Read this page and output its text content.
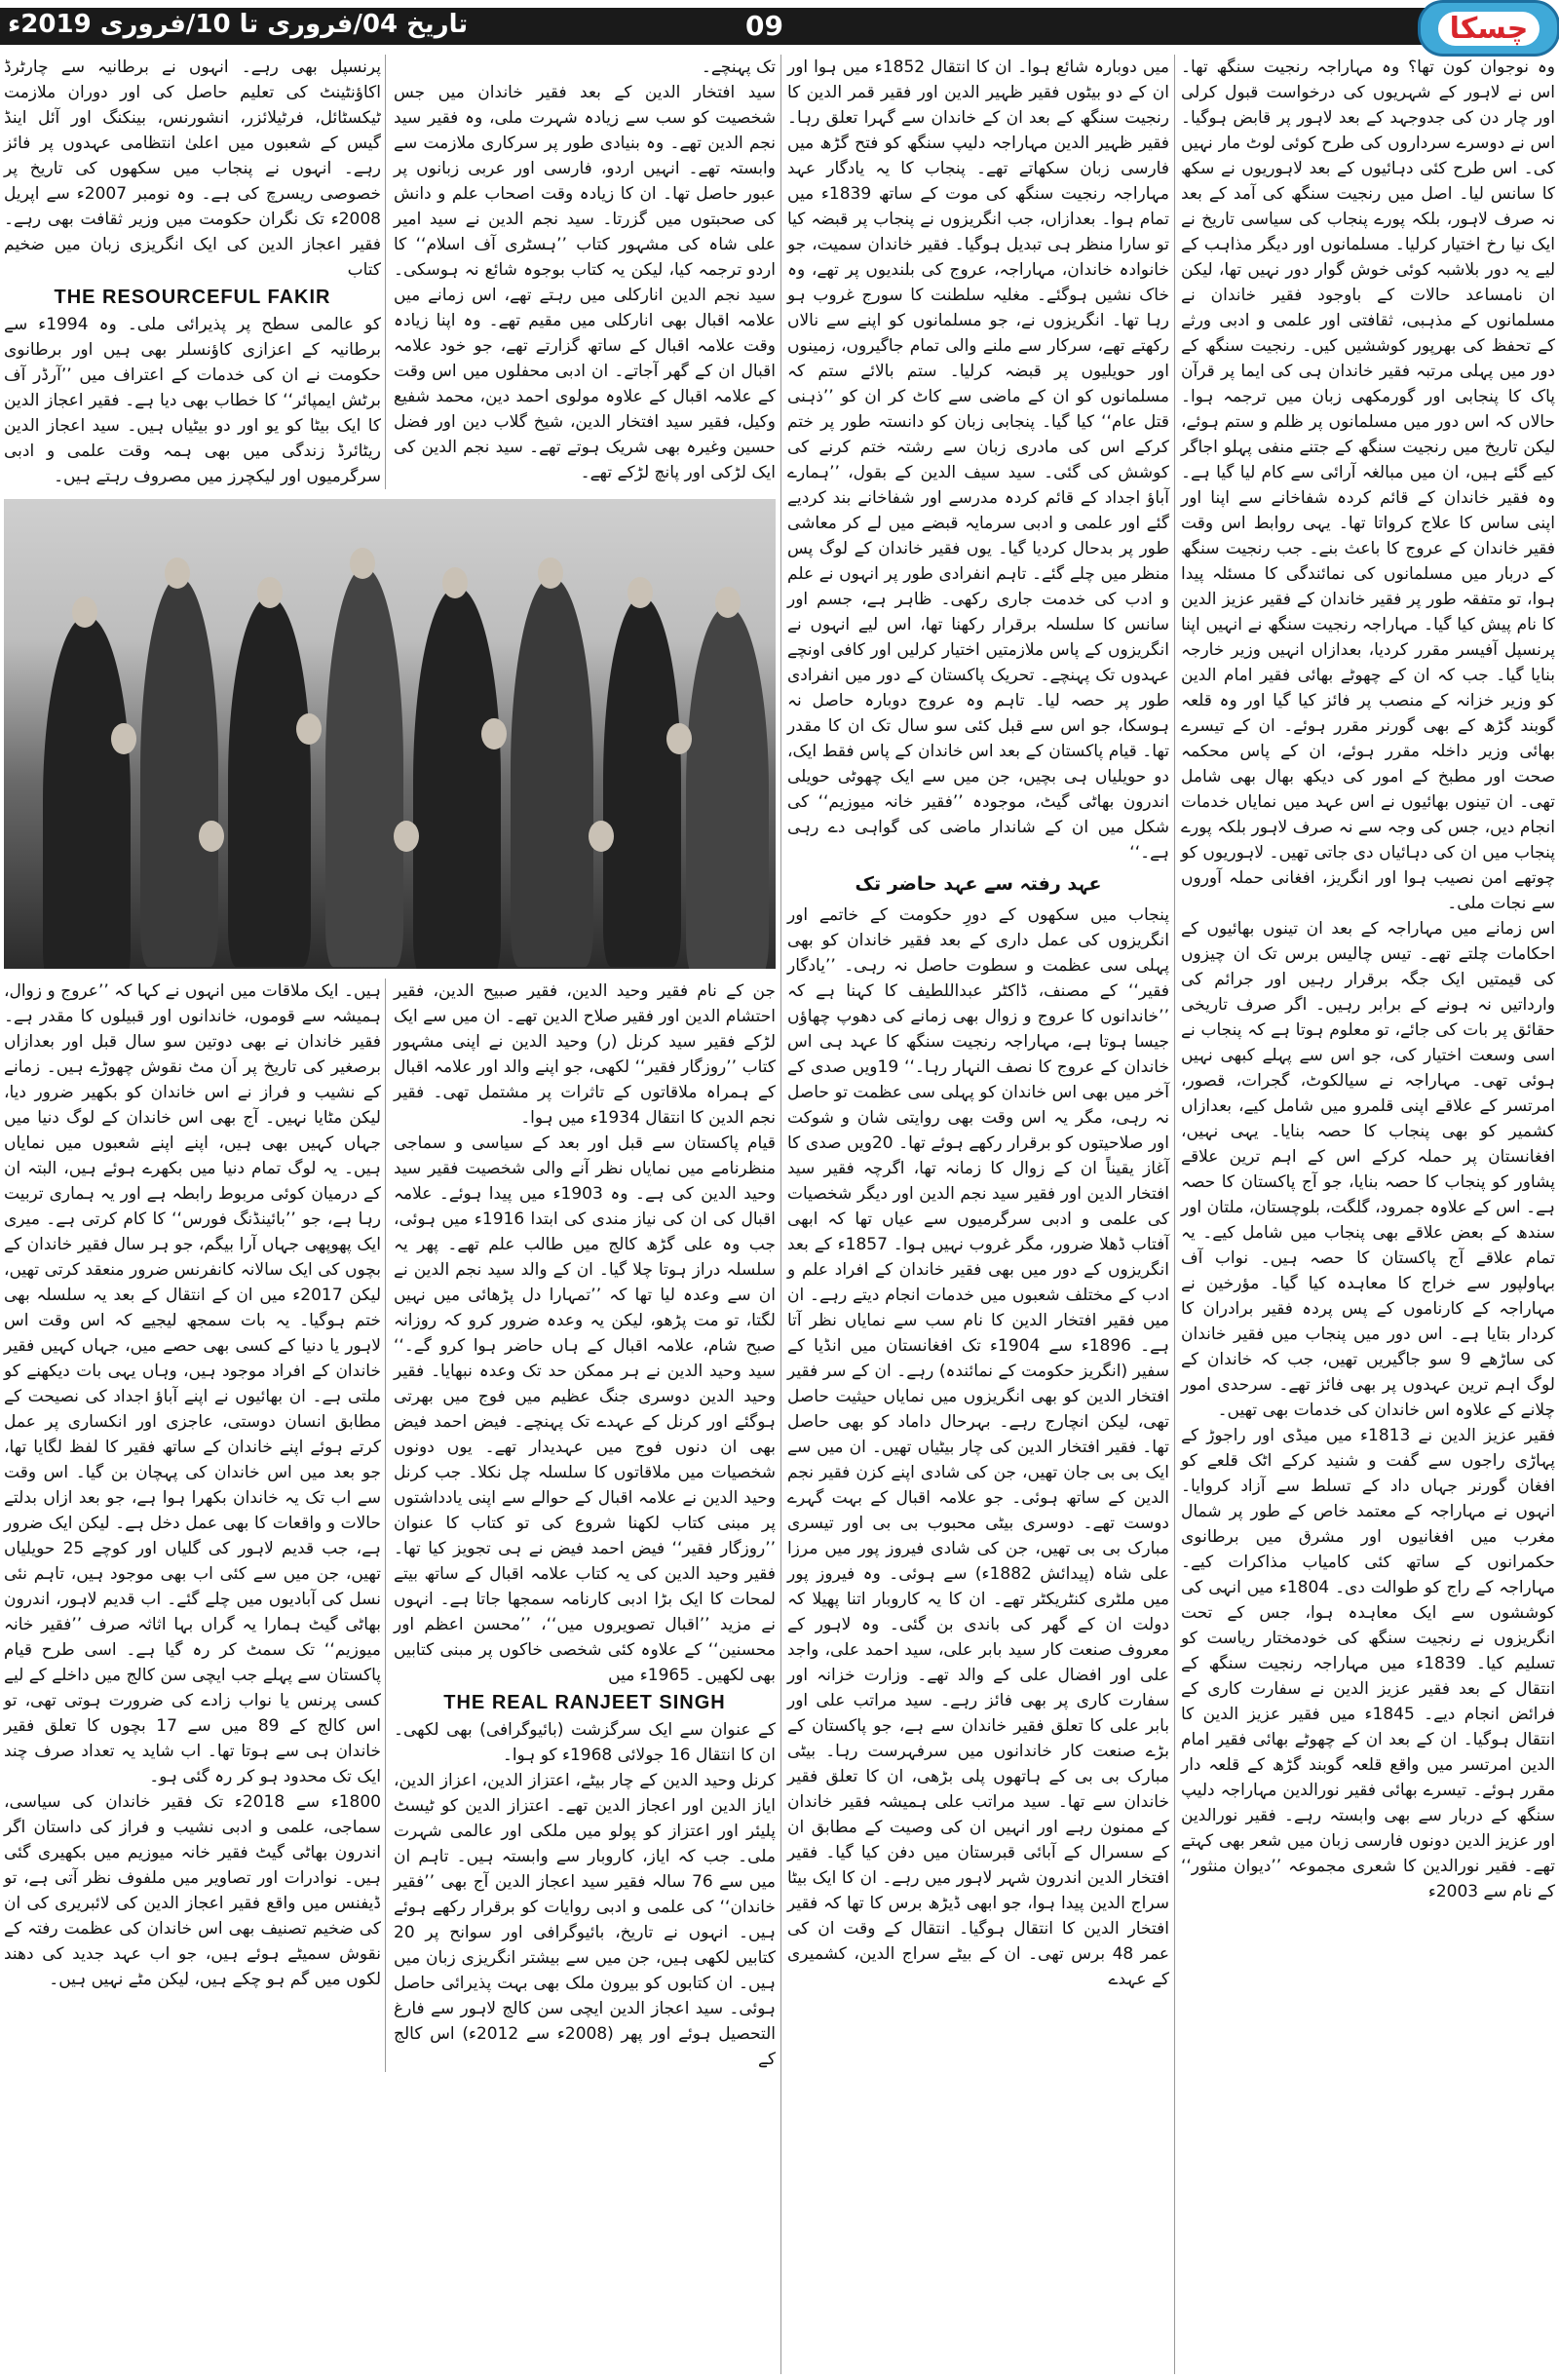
تاریخ 04/فروری تا 10/فروری 2019ء	09	چسکا

وہ نوجوان کون تھا؟ وہ مہاراجہ رنجیت سنگھ تھا۔ اس نے لاہور کے شہریوں کی درخواست قبول کرلی اور چار دن کی جدوجہد کے بعد لاہور پر قابض ہوگیا۔ اس نے دوسرے سرداروں کی طرح کوئی لوٹ مار نہیں کی۔ اس طرح کئی دہائیوں کے بعد لاہوریوں نے سکھ کا سانس لیا۔ اصل میں رنجیت سنگھ کی آمد کے بعد نہ صرف لاہور، بلکہ پورے پنجاب کی سیاسی تاریخ نے ایک نیا رخ اختیار کرلیا۔ مسلمانوں اور دیگر مذاہب کے لیے یہ دور بلاشبہ کوئی خوش گوار دور نہیں تھا، لیکن ان نامساعد حالات کے باوجود فقیر خاندان نے مسلمانوں کے مذہبی، ثقافتی اور علمی و ادبی ورثے کے تحفظ کی بھرپور کوششیں کیں۔ رنجیت سنگھ کے دور میں پہلی مرتبہ فقیر خاندان ہی کی ایما پر قرآن پاک کا پنجابی اور گورمکھی زبان میں ترجمہ ہوا۔ حالاں کہ اس دور میں مسلمانوں پر ظلم و ستم ہوئے، لیکن تاریخ میں رنجیت سنگھ کے جتنے منفی پہلو اجاگر کیے گئے ہیں، ان میں مبالغہ آرائی سے کام لیا گیا ہے۔ وہ فقیر خاندان کے قائم کردہ شفاخانے سے اپنا اور اپنی ساس کا علاج کرواتا تھا۔ یہی روابط اس وقت فقیر خاندان کے عروج کا باعث بنے۔ جب رنجیت سنگھ کے دربار میں مسلمانوں کی نمائندگی کا مسئلہ پیدا ہوا، تو متفقہ طور پر فقیر خاندان کے فقیر عزیز الدین کا نام پیش کیا گیا۔ مہاراجہ رنجیت سنگھ نے انہیں اپنا پرنسپل آفیسر مقرر کردیا، بعدازاں انہیں وزیر خارجہ بنایا گیا۔ جب کہ ان کے چھوٹے بھائی فقیر امام الدین کو وزیر خزانہ کے منصب پر فائز کیا گیا اور وہ قلعہ گوبند گڑھ کے بھی گورنر مقرر ہوئے۔ ان کے تیسرے بھائی وزیر داخلہ مقرر ہوئے، ان کے پاس محکمہ صحت اور مطبخ کے امور کی دیکھ بھال بھی شامل تھی۔ ان تینوں بھائیوں نے اس عہد میں نمایاں خدمات انجام دیں، جس کی وجہ سے نہ صرف لاہور بلکہ پورے پنجاب میں ان کی دہائیاں دی جاتی تھیں۔ لاہوریوں کو چوتھے امن نصیب ہوا اور انگریز، افغانی حملہ آوروں سے نجات ملی۔

اس زمانے میں مہاراجہ کے بعد ان تینوں بھائیوں کے احکامات چلتے تھے۔ تیس چالیس برس تک ان چیزوں کی قیمتیں ایک جگہ برقرار رہیں اور جرائم کی وارداتیں نہ ہونے کے برابر رہیں۔ اگر صرف تاریخی حقائق پر بات کی جائے، تو معلوم ہوتا ہے کہ پنجاب نے اسی وسعت اختیار کی، جو اس سے پہلے کبھی نہیں ہوئی تھی۔ مہاراجہ نے سیالکوٹ، گجرات، قصور، امرتسر کے علاقے اپنی قلمرو میں شامل کیے، بعدازاں کشمیر کو بھی پنجاب کا حصہ بنایا۔ یہی نہیں، افغانستان پر حملہ کرکے اس کے اہم ترین علاقے پشاور کو پنجاب کا حصہ بنایا، جو آج پاکستان کا حصہ ہے۔ اس کے علاوہ جمرود، گلگت، بلوچستان، ملتان اور سندھ کے بعض علاقے بھی پنجاب میں شامل کیے۔ یہ تمام علاقے آج پاکستان کا حصہ ہیں۔ نواب آف بہاولپور سے خراج کا معاہدہ کیا گیا۔ مؤرخین نے مہاراجہ کے کارناموں کے پس پردہ فقیر برادران کا کردار بتایا ہے۔ اس دور میں پنجاب میں فقیر خاندان کی ساڑھے 9 سو جاگیریں تھیں، جب کہ خاندان کے لوگ اہم ترین عہدوں پر بھی فائز تھے۔ سرحدی امور چلانے کے علاوہ اس خاندان کی خدمات بھی تھیں۔

فقیر عزیز الدین نے 1813ء میں میڈی اور راجوڑ کے پہاڑی راجوں سے گفت و شنید کرکے اٹک قلعے کو افغان گورنر جہاں داد کے تسلط سے آزاد کروایا۔ انہوں نے مہاراجہ کے معتمد خاص کے طور پر شمال مغرب میں افغانیوں اور مشرق میں برطانوی حکمرانوں کے ساتھ کئی کامیاب مذاکرات کیے۔ مہاراجہ کے راج کو طوالت دی۔ 1804ء میں انہی کی کوششوں سے ایک معاہدہ ہوا، جس کے تحت انگریزوں نے رنجیت سنگھ کی خودمختار ریاست کو تسلیم کیا۔ 1839ء میں مہاراجہ رنجیت سنگھ کے انتقال کے بعد فقیر عزیز الدین نے سفارت کاری کے فرائض انجام دیے۔ 1845ء میں فقیر عزیز الدین کا انتقال ہوگیا۔ ان کے بعد ان کے چھوٹے بھائی فقیر امام الدین امرتسر میں واقع قلعہ گوبند گڑھ کے قلعہ دار مقرر ہوئے۔ تیسرے بھائی فقیر نورالدین مہاراجہ دلیپ سنگھ کے دربار سے بھی وابستہ رہے۔ فقیر نورالدین اور عزیز الدین دونوں فارسی زبان میں شعر بھی کہتے تھے۔ فقیر نورالدین کا شعری مجموعہ ’’دیوان منثور‘‘ کے نام سے 2003ء

میں دوبارہ شائع ہوا۔ ان کا انتقال 1852ء میں ہوا اور ان کے دو بیٹوں فقیر ظہیر الدین اور فقیر قمر الدین کا رنجیت سنگھ کے بعد ان کے خاندان سے گہرا تعلق رہا۔ فقیر ظہیر الدین مہاراجہ دلیپ سنگھ کو فتح گڑھ میں فارسی زبان سکھاتے تھے۔ پنجاب کا یہ یادگار عہد مہاراجہ رنجیت سنگھ کی موت کے ساتھ 1839ء میں تمام ہوا۔ بعدازاں، جب انگریزوں نے پنجاب پر قبضہ کیا تو سارا منظر ہی تبدیل ہوگیا۔ فقیر خاندان سمیت، جو خانوادہ خاندان، مہاراجہ، عروج کی بلندیوں پر تھے، وہ خاک نشیں ہوگئے۔ مغلیہ سلطنت کا سورج غروب ہو رہا تھا۔ انگریزوں نے، جو مسلمانوں کو اپنے سے نالاں رکھتے تھے، سرکار سے ملنے والی تمام جاگیروں، زمینوں اور حویلیوں پر قبضہ کرلیا۔ ستم بالائے ستم کہ مسلمانوں کو ان کے ماضی سے کاٹ کر ان کو ’’ذہنی قتل عام‘‘ کیا گیا۔ پنجابی زبان کو دانستہ طور پر ختم کرکے اس کی مادری زبان سے رشتہ ختم کرنے کی کوشش کی گئی۔ سید سیف الدین کے بقول، ’’ہمارے آباؤ اجداد کے قائم کردہ مدرسے اور شفاخانے بند کردیے گئے اور علمی و ادبی سرمایہ قبضے میں لے کر معاشی طور پر بدحال کردیا گیا۔ یوں فقیر خاندان کے لوگ پس منظر میں چلے گئے۔ تاہم انفرادی طور پر انہوں نے علم و ادب کی خدمت جاری رکھی۔ ظاہر ہے، جسم اور سانس کا سلسلہ برقرار رکھنا تھا، اس لیے انہوں نے انگریزوں کے پاس ملازمتیں اختیار کرلیں اور کافی اونچے عہدوں تک پہنچے۔ تحریک پاکستان کے دور میں انفرادی طور پر حصہ لیا۔ تاہم وہ عروج دوبارہ حاصل نہ ہوسکا، جو اس سے قبل کئی سو سال تک ان کا مقدر تھا۔ قیام پاکستان کے بعد اس خاندان کے پاس فقط ایک، دو حویلیاں ہی بچیں، جن میں سے ایک چھوٹی حویلی اندرون بھاٹی گیٹ، موجودہ ’’فقیر خانہ میوزیم‘‘ کی شکل میں ان کے شاندار ماضی کی گواہی دے رہی ہے۔‘‘

عہد رفتہ سے عہد حاضر تک

پنجاب میں سکھوں کے دورِ حکومت کے خاتمے اور انگریزوں کی عمل داری کے بعد فقیر خاندان کو بھی پہلی سی عظمت و سطوت حاصل نہ رہی۔ ’’یادگار فقیر‘‘ کے مصنف، ڈاکٹر عبداللطیف کا کہنا ہے کہ ’’خاندانوں کا عروج و زوال بھی زمانے کی دھوپ چھاؤں جیسا ہوتا ہے، مہاراجہ رنجیت سنگھ کا عہد ہی اس خاندان کے عروج کا نصف النہار رہا۔‘‘ 19ویں صدی کے آخر میں بھی اس خاندان کو پہلی سی عظمت تو حاصل نہ رہی، مگر یہ اس وقت بھی روایتی شان و شوکت اور صلاحیتوں کو برقرار رکھے ہوئے تھا۔ 20ویں صدی کا آغاز یقیناً ان کے زوال کا زمانہ تھا، اگرچہ فقیر سید افتخار الدین اور فقیر سید نجم الدین اور دیگر شخصیات کی علمی و ادبی سرگرمیوں سے عیاں تھا کہ ابھی آفتاب ڈھلا ضرور، مگر غروب نہیں ہوا۔ 1857ء کے بعد انگریزوں کے دور میں بھی فقیر خاندان کے افراد علم و ادب کے مختلف شعبوں میں خدمات انجام دیتے رہے۔ ان میں فقیر افتخار الدین کا نام سب سے نمایاں نظر آتا ہے۔ 1896ء سے 1904ء تک افغانستان میں انڈیا کے سفیر (انگریز حکومت کے نمائندہ) رہے۔ ان کے سر فقیر افتخار الدین کو بھی انگریزوں میں نمایاں حیثیت حاصل تھی، لیکن انچارج رہے۔ بہرحال داماد کو بھی حاصل تھا۔ فقیر افتخار الدین کی چار بیٹیاں تھیں۔ ان میں سے ایک بی بی جان تھیں، جن کی شادی اپنے کزن فقیر نجم الدین کے ساتھ ہوئی۔ جو علامہ اقبال کے بہت گہرے دوست تھے۔ دوسری بیٹی محبوب بی بی اور تیسری مبارک بی بی تھیں، جن کی شادی فیروز پور میں مرزا علی شاہ (پیدائش 1882ء) سے ہوئی۔ وہ فیروز پور میں ملٹری کنٹریکٹر تھے۔ ان کا یہ کاروبار اتنا پھیلا کہ دولت ان کے گھر کی باندی بن گئی۔ وہ لاہور کے معروف صنعت کار سید بابر علی، سید احمد علی، واجد علی اور افضال علی کے والد تھے۔ وزارت خزانہ اور سفارت کاری پر بھی فائز رہے۔ سید مراتب علی اور بابر علی کا تعلق فقیر خاندان سے ہے، جو پاکستان کے بڑے صنعت کار خاندانوں میں سرفہرست رہا۔ بیٹی مبارک بی بی کے ہاتھوں پلی بڑھی، ان کا تعلق فقیر خاندان سے تھا۔ سید مراتب علی ہمیشہ فقیر خاندان کے ممنون رہے اور انہیں ان کی وصیت کے مطابق ان کے سسرال کے آبائی قبرستان میں دفن کیا گیا۔ فقیر افتخار الدین اندرون شہر لاہور میں رہے۔ ان کا ایک بیٹا سراج الدین پیدا ہوا، جو ابھی ڈیڑھ برس کا تھا کہ فقیر افتخار الدین کا انتقال ہوگیا۔ انتقال کے وقت ان کی عمر 48 برس تھی۔ ان کے بیٹے سراج الدین، کشمیری کے عہدے

تک پہنچے۔

سید افتخار الدین کے بعد فقیر خاندان میں جس شخصیت کو سب سے زیادہ شہرت ملی، وہ فقیر سید نجم الدین تھے۔ وہ بنیادی طور پر سرکاری ملازمت سے وابستہ تھے۔ انہیں اردو، فارسی اور عربی زبانوں پر عبور حاصل تھا۔ ان کا زیادہ وقت اصحاب علم و دانش کی صحبتوں میں گزرتا۔ سید نجم الدین نے سید امیر علی شاہ کی مشہور کتاب ’’ہسٹری آف اسلام‘‘ کا اردو ترجمہ کیا، لیکن یہ کتاب بوجوہ شائع نہ ہوسکی۔ سید نجم الدین انارکلی میں رہتے تھے، اس زمانے میں علامہ اقبال بھی انارکلی میں مقیم تھے۔ وہ اپنا زیادہ وقت علامہ اقبال کے ساتھ گزارتے تھے، جو خود علامہ اقبال ان کے گھر آجاتے۔ ان ادبی محفلوں میں اس وقت کے علامہ اقبال کے علاوہ مولوی احمد دین، محمد شفیع وکیل، فقیر سید افتخار الدین، شیخ گلاب دین اور فضل حسین وغیرہ بھی شریک ہوتے تھے۔ سید نجم الدین کی ایک لڑکی اور پانچ لڑکے تھے۔

پرنسپل بھی رہے۔ انہوں نے برطانیہ سے چارٹرڈ اکاؤنٹینٹ کی تعلیم حاصل کی اور دوران ملازمت ٹیکسٹائل، فرٹیلائزر، انشورنس، بینکنگ اور آئل اینڈ گیس کے شعبوں میں اعلیٰ انتظامی عہدوں پر فائز رہے۔ انہوں نے پنجاب میں سکھوں کی تاریخ پر خصوصی ریسرچ کی ہے۔ وہ نومبر 2007ء سے اپریل 2008ء تک نگران حکومت میں وزیر ثقافت بھی رہے۔ فقیر اعجاز الدین کی ایک انگریزی زبان میں ضخیم کتاب

THE RESOURCEFUL FAKIR

کو عالمی سطح پر پذیرائی ملی۔ وہ 1994ء سے برطانیہ کے اعزازی کاؤنسلر بھی ہیں اور برطانوی حکومت نے ان کی خدمات کے اعتراف میں ’’آرڈر آف برٹش ایمپائر‘‘ کا خطاب بھی دیا ہے۔ فقیر اعجاز الدین کا ایک بیٹا کو یو اور دو بیٹیاں ہیں۔ سید اعجاز الدین ریٹائرڈ زندگی میں بھی ہمہ وقت علمی و ادبی سرگرمیوں اور لیکچرز میں مصروف رہتے ہیں۔

جن کے نام فقیر وحید الدین، فقیر صبیح الدین، فقیر احتشام الدین اور فقیر صلاح الدین تھے۔ ان میں سے ایک لڑکے فقیر سید کرنل (ر) وحید الدین نے اپنی مشہور کتاب ’’روزگار فقیر‘‘ لکھی، جو اپنے والد اور علامہ اقبال کے ہمراہ ملاقاتوں کے تاثرات پر مشتمل تھی۔ فقیر نجم الدین کا انتقال 1934ء میں ہوا۔

قیام پاکستان سے قبل اور بعد کے سیاسی و سماجی منظرنامے میں نمایاں نظر آنے والی شخصیت فقیر سید وحید الدین کی ہے۔ وہ 1903ء میں پیدا ہوئے۔ علامہ اقبال کی ان کی نیاز مندی کی ابتدا 1916ء میں ہوئی، جب وہ علی گڑھ کالج میں طالب علم تھے۔ پھر یہ سلسلہ دراز ہوتا چلا گیا۔ ان کے والد سید نجم الدین نے ان سے وعدہ لیا تھا کہ ’’تمہارا دل پڑھائی میں نہیں لگتا، تو مت پڑھو، لیکن یہ وعدہ ضرور کرو کہ روزانہ صبح شام، علامہ اقبال کے ہاں حاضر ہوا کرو گے۔‘‘ سید وحید الدین نے ہر ممکن حد تک وعدہ نبھایا۔ فقیر وحید الدین دوسری جنگ عظیم میں فوج میں بھرتی ہوگئے اور کرنل کے عہدے تک پہنچے۔ فیض احمد فیض بھی ان دنوں فوج میں عہدیدار تھے۔ یوں دونوں شخصیات میں ملاقاتوں کا سلسلہ چل نکلا۔ جب کرنل وحید الدین نے علامہ اقبال کے حوالے سے اپنی یادداشتوں پر مبنی کتاب لکھنا شروع کی تو کتاب کا عنوان ’’روزگار فقیر‘‘ فیض احمد فیض نے ہی تجویز کیا تھا۔ فقیر وحید الدین کی یہ کتاب علامہ اقبال کے ساتھ بیتے لمحات کا ایک بڑا ادبی کارنامہ سمجھا جاتا ہے۔ انہوں نے مزید ’’اقبال تصویروں میں‘‘، ’’محسن اعظم اور محسنین‘‘ کے علاوہ کئی شخصی خاکوں پر مبنی کتابیں بھی لکھیں۔ 1965ء میں

THE REAL RANJEET SINGH

کے عنوان سے ایک سرگزشت (بائیوگرافی) بھی لکھی۔ ان کا انتقال 16 جولائی 1968ء کو ہوا۔

کرنل وحید الدین کے چار بیٹے، اعتزاز الدین، اعزاز الدین، ایاز الدین اور اعجاز الدین تھے۔ اعتزاز الدین کو ٹیسٹ پلیئر اور اعتزاز کو پولو میں ملکی اور عالمی شہرت ملی۔ جب کہ ایاز، کاروبار سے وابستہ ہیں۔ تاہم ان میں سے 76 سالہ فقیر سید اعجاز الدین آج بھی ’’فقیر خاندان‘‘ کی علمی و ادبی روایات کو برقرار رکھے ہوئے ہیں۔ انہوں نے تاریخ، بائیوگرافی اور سوانح پر 20 کتابیں لکھی ہیں، جن میں سے بیشتر انگریزی زبان میں ہیں۔ ان کتابوں کو بیرون ملک بھی بہت پذیرائی حاصل ہوئی۔ سید اعجاز الدین ایچی سن کالج لاہور سے فارغ التحصیل ہوئے اور پھر (2008ء سے 2012ء) اس کالج کے

ہیں۔ ایک ملاقات میں انہوں نے کہا کہ ’’عروج و زوال، ہمیشہ سے قوموں، خاندانوں اور قبیلوں کا مقدر ہے۔ فقیر خاندان نے بھی دوتین سو سال قبل اور بعدازاں برصغیر کی تاریخ پر اَن مٹ نقوش چھوڑے ہیں۔ زمانے کے نشیب و فراز نے اس خاندان کو بکھیر ضرور دیا، لیکن مٹایا نہیں۔ آج بھی اس خاندان کے لوگ دنیا میں جہاں کہیں بھی ہیں، اپنے اپنے شعبوں میں نمایاں ہیں۔ یہ لوگ تمام دنیا میں بکھرے ہوئے ہیں، البتہ ان کے درمیان کوئی مربوط رابطہ ہے اور یہ ہماری تربیت رہا ہے، جو ’’بائینڈنگ فورس‘‘ کا کام کرتی ہے۔ میری ایک پھوپھی جہاں آرا بیگم، جو ہر سال فقیر خاندان کے بچوں کی ایک سالانہ کانفرنس ضرور منعقد کرتی تھیں، لیکن 2017ء میں ان کے انتقال کے بعد یہ سلسلہ بھی ختم ہوگیا۔ یہ بات سمجھ لیجیے کہ اس وقت اس لاہور یا دنیا کے کسی بھی حصے میں، جہاں کہیں فقیر خاندان کے افراد موجود ہیں، وہاں یہی بات دیکھنے کو ملتی ہے۔ ان بھائیوں نے اپنے آباؤ اجداد کی نصیحت کے مطابق انسان دوستی، عاجزی اور انکساری پر عمل کرتے ہوئے اپنے خاندان کے ساتھ فقیر کا لفظ لگایا تھا، جو بعد میں اس خاندان کی پہچان بن گیا۔ اس وقت سے اب تک یہ خاندان بکھرا ہوا ہے، جو بعد ازاں بدلتے حالات و واقعات کا بھی عمل دخل ہے۔ لیکن ایک ضرور ہے، جب قدیم لاہور کی گلیاں اور کوچے 25 حویلیاں تھیں، جن میں سے کئی اب بھی موجود ہیں، تاہم نئی نسل کی آبادیوں میں چلے گئے۔ اب قدیم لاہور، اندرون بھاٹی گیٹ ہمارا یہ گراں بہا اثاثہ صرف ’’فقیر خانہ میوزیم‘‘ تک سمٹ کر رہ گیا ہے۔ اسی طرح قیام پاکستان سے پہلے جب ایچی سن کالج میں داخلے کے لیے کسی پرنس یا نواب زادے کی ضرورت ہوتی تھی، تو اس کالج کے 89 میں سے 17 بچوں کا تعلق فقیر خاندان ہی سے ہوتا تھا۔ اب شاید یہ تعداد صرف چند ایک تک محدود ہو کر رہ گئی ہو۔

1800ء سے 2018ء تک فقیر خاندان کی سیاسی، سماجی، علمی و ادبی نشیب و فراز کی داستان اگر اندرون بھاٹی گیٹ فقیر خانہ میوزیم میں بکھیری گئی ہیں۔ نوادرات اور تصاویر میں ملفوف نظر آتی ہے، تو ڈیفنس میں واقع فقیر اعجاز الدین کی لائبریری کی ان کی ضخیم تصنیف بھی اس خاندان کی عظمت رفتہ کے نقوش سمیٹے ہوئے ہیں، جو اب عہد جدید کی دھند لکوں میں گم ہو چکے ہیں، لیکن مٹے نہیں ہیں۔
